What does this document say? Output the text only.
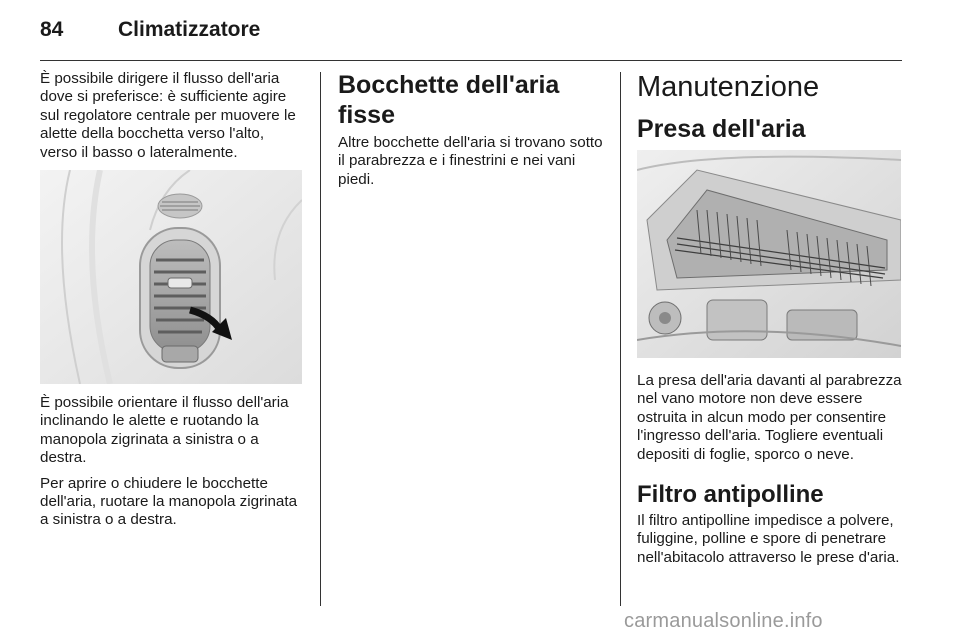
84	Climatizzatore

È possibile dirigere il flusso dell'aria dove si preferisce: è sufficiente agire sul regolatore centrale per muovere le alette della bocchetta verso l'alto, verso il basso o lateralmente.

È possibile orientare il flusso dell'aria inclinando le alette e ruotando la manopola zigrinata a sinistra o a destra.

Per aprire o chiudere le bocchette dell'aria, ruotare la manopola zigrinata a sinistra o a destra.

Bocchette dell'aria fisse

Altre bocchette dell'aria si trovano sotto il parabrezza e i finestrini e nei vani piedi.

Manutenzione
Presa dell'aria

La presa dell'aria davanti al parabrezza nel vano motore non deve essere ostruita in alcun modo per consentire l'ingresso dell'aria. Togliere eventuali depositi di foglie, sporco o neve.

Filtro antipolline

Il filtro antipolline impedisce a polvere, fuliggine, polline e spore di penetrare nell'abitacolo attraverso le prese d'aria.

carmanualsonline.info
